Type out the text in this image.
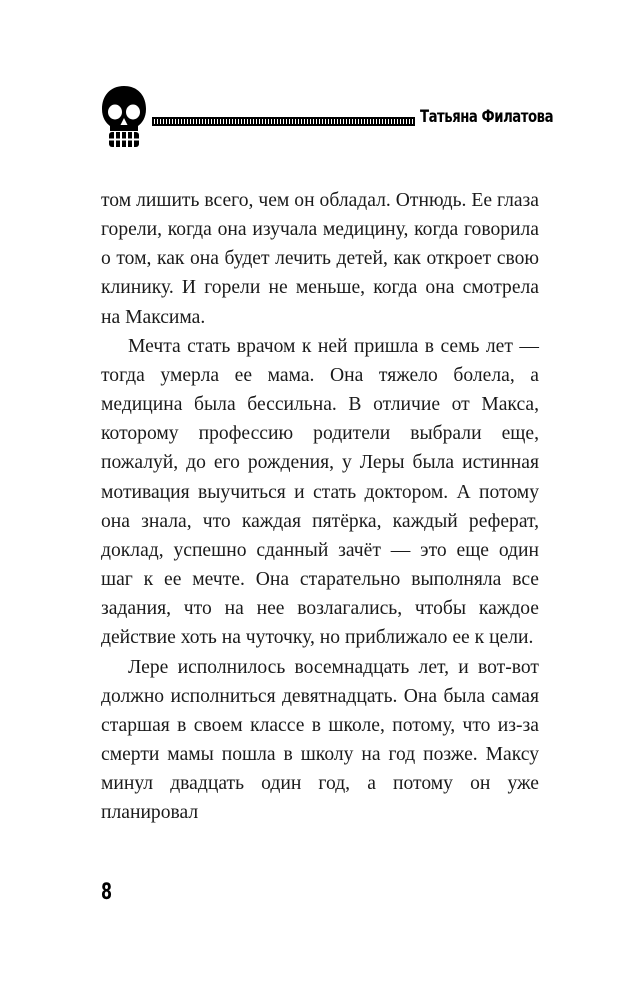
Татьяна Филатова

том лишить всего, чем он обладал. Отнюдь. Ее глаза горели, когда она изучала медицину, когда говорила о том, как она будет лечить детей, как откроет свою клинику. И горели не меньше, когда она смотрела на Максима.

Мечта стать врачом к ней пришла в семь лет — тогда умерла ее мама. Она тяжело болела, а медицина была бессильна. В отличие от Макса, которому профессию родители выбрали еще, пожалуй, до его рождения, у Леры была истинная мотивация выучиться и стать доктором. А потому она знала, что каждая пятёрка, каждый реферат, доклад, успешно сданный зачёт — это еще один шаг к ее мечте. Она старательно выполняла все задания, что на нее возлагались, чтобы каждое действие хоть на чуточку, но приближало ее к цели.

Лере исполнилось восемнадцать лет, и вот-вот должно исполниться девятнадцать. Она была самая старшая в своем классе в школе, потому, что из-за смерти мамы пошла в школу на год позже. Максу минул двадцать один год, а потому он уже планировал

8
